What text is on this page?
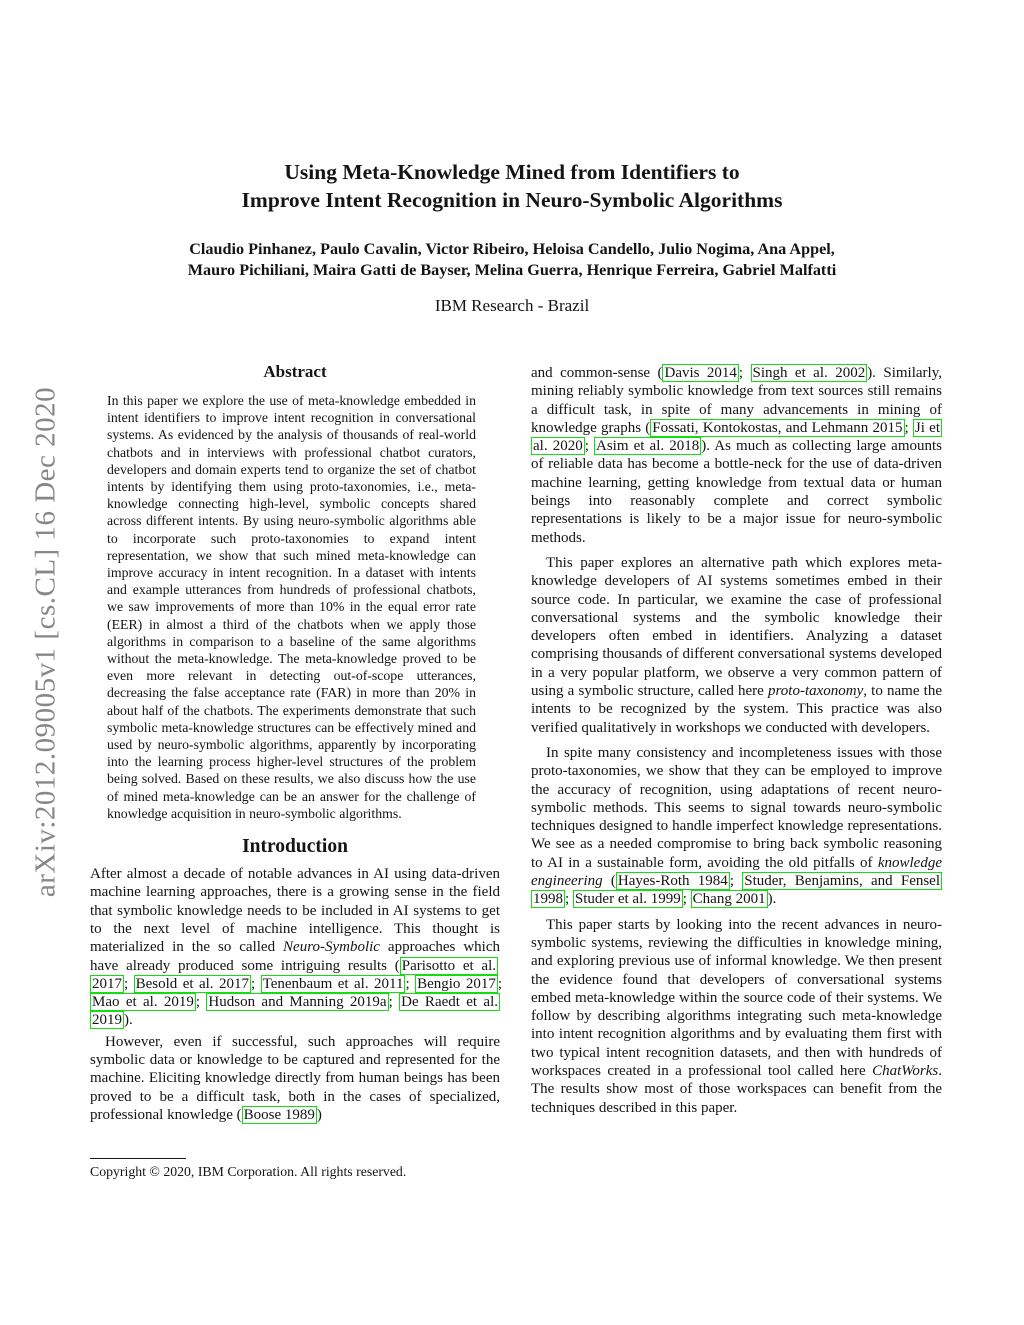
arXiv:2012.09005v1 [cs.CL] 16 Dec 2020
Using Meta-Knowledge Mined from Identifiers to
Improve Intent Recognition in Neuro-Symbolic Algorithms
Claudio Pinhanez, Paulo Cavalin, Victor Ribeiro, Heloisa Candello, Julio Nogima, Ana Appel,
Mauro Pichiliani, Maira Gatti de Bayser, Melina Guerra, Henrique Ferreira, Gabriel Malfatti
IBM Research - Brazil
Abstract

In this paper we explore the use of meta-knowledge embedded in intent identifiers to improve intent recognition in conversational systems. As evidenced by the analysis of thousands of real-world chatbots and in interviews with professional chatbot curators, developers and domain experts tend to organize the set of chatbot intents by identifying them using proto-taxonomies, i.e., meta-knowledge connecting high-level, symbolic concepts shared across different intents. By using neuro-symbolic algorithms able to incorporate such proto-taxonomies to expand intent representation, we show that such mined meta-knowledge can improve accuracy in intent recognition. In a dataset with intents and example utterances from hundreds of professional chatbots, we saw improvements of more than 10% in the equal error rate (EER) in almost a third of the chatbots when we apply those algorithms in comparison to a baseline of the same algorithms without the meta-knowledge. The meta-knowledge proved to be even more relevant in detecting out-of-scope utterances, decreasing the false acceptance rate (FAR) in more than 20% in about half of the chatbots. The experiments demonstrate that such symbolic meta-knowledge structures can be effectively mined and used by neuro-symbolic algorithms, apparently by incorporating into the learning process higher-level structures of the problem being solved. Based on these results, we also discuss how the use of mined meta-knowledge can be an answer for the challenge of knowledge acquisition in neuro-symbolic algorithms.

Introduction

After almost a decade of notable advances in AI using data-driven machine learning approaches, there is a growing sense in the field that symbolic knowledge needs to be included in AI systems to get to the next level of machine intelligence. This thought is materialized in the so called Neuro-Symbolic approaches which have already produced some intriguing results ( Parisotto et al. 2017 ; Besold et al. 2017 ; Tenenbaum et al. 2011 ; Bengio 2017 ; Mao et al. 2019 ; Hudson and Manning 2019a ; De Raedt et al. 2019 ).

However, even if successful, such approaches will require symbolic data or knowledge to be captured and represented for the machine. Eliciting knowledge directly from human beings has been proved to be a difficult task, both in the cases of specialized, professional knowledge ( Boose 1989 )

Copyright © 2020, IBM Corporation. All rights reserved.

and common-sense ( Davis 2014 ; Singh et al. 2002 ). Similarly, mining reliably symbolic knowledge from text sources still remains a difficult task, in spite of many advancements in mining of knowledge graphs ( Fossati, Kontokostas, and Lehmann 2015 ; Ji et al. 2020 ; Asim et al. 2018 ). As much as collecting large amounts of reliable data has become a bottle-neck for the use of data-driven machine learning, getting knowledge from textual data or human beings into reasonably complete and correct symbolic representations is likely to be a major issue for neuro-symbolic methods.

This paper explores an alternative path which explores meta-knowledge developers of AI systems sometimes embed in their source code. In particular, we examine the case of professional conversational systems and the symbolic knowledge their developers often embed in identifiers. Analyzing a dataset comprising thousands of different conversational systems developed in a very popular platform, we observe a very common pattern of using a symbolic structure, called here proto-taxonomy, to name the intents to be recognized by the system. This practice was also verified qualitatively in workshops we conducted with developers.

In spite many consistency and incompleteness issues with those proto-taxonomies, we show that they can be employed to improve the accuracy of recognition, using adaptations of recent neuro-symbolic methods. This seems to signal towards neuro-symbolic techniques designed to handle imperfect knowledge representations. We see as a needed compromise to bring back symbolic reasoning to AI in a sustainable form, avoiding the old pitfalls of knowledge engineering ( Hayes-Roth 1984 ; Studer, Benjamins, and Fensel 1998 ; Studer et al. 1999 ; Chang 2001 ).

This paper starts by looking into the recent advances in neuro-symbolic systems, reviewing the difficulties in knowledge mining, and exploring previous use of informal knowledge. We then present the evidence found that developers of conversational systems embed meta-knowledge within the source code of their systems. We follow by describing algorithms integrating such meta-knowledge into intent recognition algorithms and by evaluating them first with two typical intent recognition datasets, and then with hundreds of workspaces created in a professional tool called here ChatWorks. The results show most of those workspaces can benefit from the techniques described in this paper.
